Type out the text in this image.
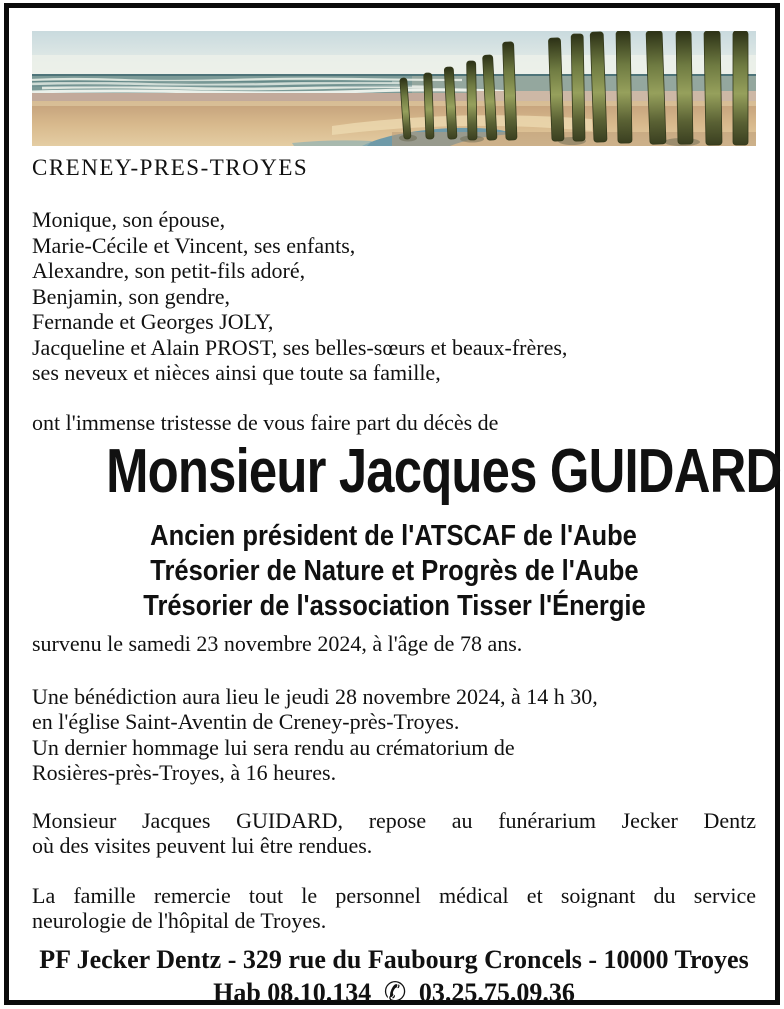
CRENEY-PRES-TROYES
Monique, son épouse,
Marie-Cécile et Vincent, ses enfants,
Alexandre, son petit-fils adoré,
Benjamin, son gendre,
Fernande et Georges JOLY,
Jacqueline et Alain PROST, ses belles-sœurs et beaux-frères,
ses neveux et nièces ainsi que toute sa famille,
ont l'immense tristesse de vous faire part du décès de
Monsieur Jacques GUIDARD
Ancien président de l'ATSCAF de l'Aube
Trésorier de Nature et Progrès de l'Aube
Trésorier de l'association Tisser l'Énergie
survenu le samedi 23 novembre 2024, à l'âge de 78 ans.
Une bénédiction aura lieu le jeudi 28 novembre 2024, à 14 h 30,
en l'église Saint-Aventin de Creney-près-Troyes.
Un dernier hommage lui sera rendu au crématorium de
Rosières-près-Troyes, à 16 heures.
Monsieur Jacques GUIDARD, repose au funérarium Jecker Dentz
où des visites peuvent lui être rendues.
La famille remercie tout le personnel médical et soignant du service
neurologie de l'hôpital de Troyes.
PF Jecker Dentz - 329 rue du Faubourg Croncels - 10000 Troyes
Hab 08.10.134 ✆ 03.25.75.09.36
